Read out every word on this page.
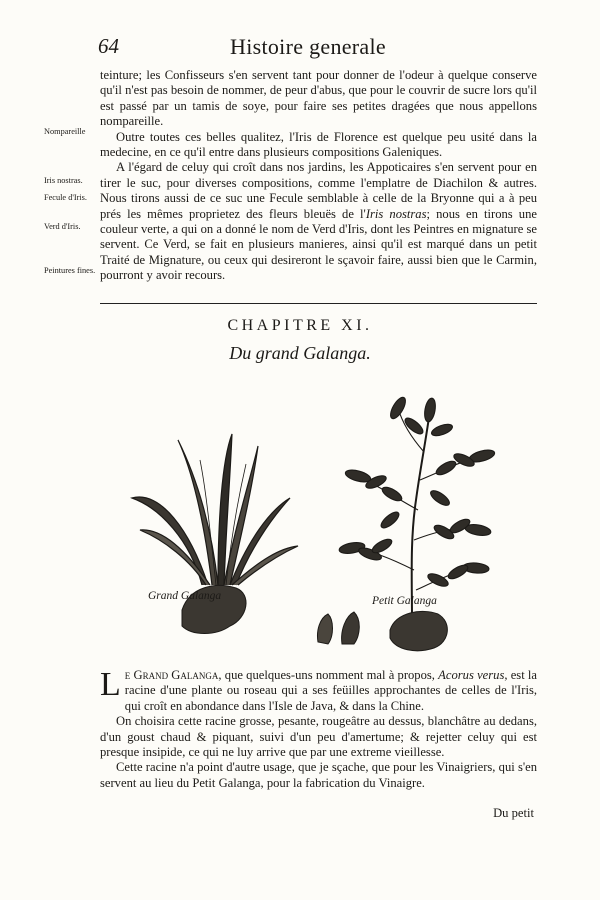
64	Histoire generale

teinture; les Confisseurs s'en servent tant pour donner de l'odeur à quelque conserve qu'il n'est pas besoin de nommer, de peur d'abus, que pour le couvrir de sucre lors qu'il est passé par un tamis de soye, pour faire ses petites dragées que nous appellons nompareille.

Outre toutes ces belles qualitez, l'Iris de Florence est quelque peu usité dans la medecine, en ce qu'il entre dans plusieurs compositions Galeniques.

A l'égard de celuy qui croît dans nos jardins, les Appoticaires s'en servent pour en tirer le suc, pour diverses compositions, comme l'emplatre de Diachilon & autres. Nous tirons aussi de ce suc une Fecule semblable à celle de la Bryonne qui a à peu prés les mêmes proprietez des fleurs bleuës de l'Iris nostras; nous en tirons une couleur verte, a qui on a donné le nom de Verd d'Iris, dont les Peintres en mignature se servent. Ce Verd, se fait en plusieurs manieres, ainsi qu'il est marqué dans un petit Traité de Mignature, ou ceux qui desireront le sçavoir faire, aussi bien que le Carmin, pourront y avoir recours.

Nompareille
Iris nostras.
Fecule d'Iris.
Verd d'Iris.
Peintures fines.
CHAPITRE XI.
Du grand Galanga.
Grand Galanga	Petit Galanga

Le Grand Galanga, que quelques-uns nomment mal à propos, Acorus verus, est la racine d'une plante ou roseau qui a ses feüilles approchantes de celles de l'Iris, qui croît en abondance dans l'Isle de Java, & dans la Chine.

On choisira cette racine grosse, pesante, rougeâtre au dessus, blanchâtre au dedans, d'un goust chaud & piquant, suivi d'un peu d'amertume; & rejetter celuy qui est presque insipide, ce qui ne luy arrive que par une extreme vieillesse.

Cette racine n'a point d'autre usage, que je sçache, que pour les Vinaigriers, qui s'en servent au lieu du Petit Galanga, pour la fabrication du Vinaigre.

Du petit
